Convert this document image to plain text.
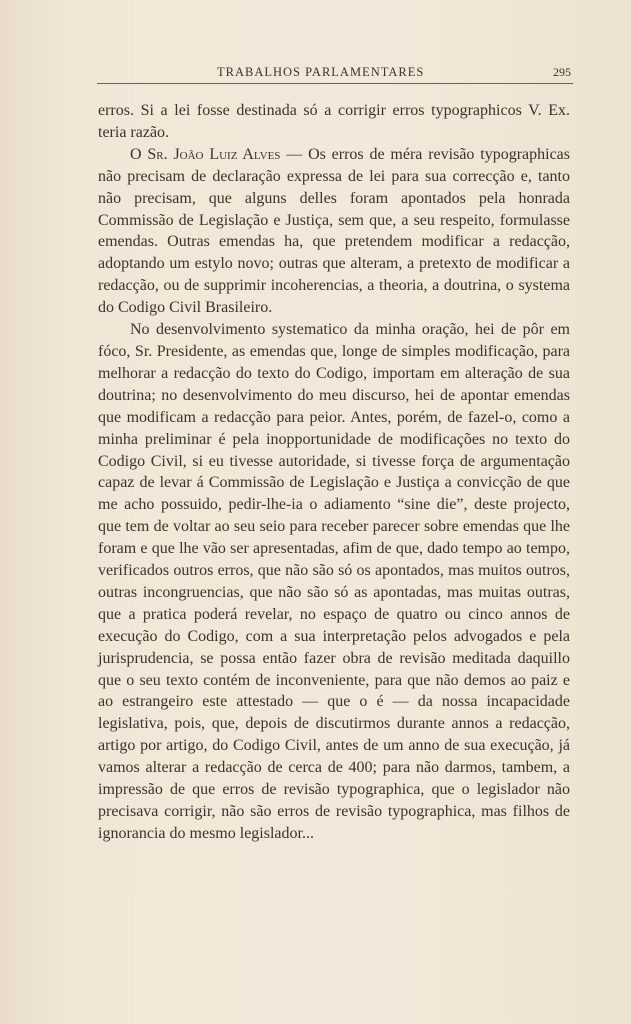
TRABALHOS PARLAMENTARES	295

erros. Si a lei fosse destinada só a corrigir erros typographicos V. Ex. teria razão.

O Sr. João Luiz Alves — Os erros de méra revisão typographicas não precisam de declaração expressa de lei para sua correcção e, tanto não precisam, que alguns delles foram apontados pela honrada Commissão de Legislação e Justiça, sem que, a seu respeito, formulasse emendas. Outras emendas ha, que pretendem modificar a redacção, adoptando um estylo novo; outras que alteram, a pretexto de modificar a redacção, ou de supprimir incoherencias, a theoria, a doutrina, o systema do Codigo Civil Brasileiro.

No desenvolvimento systematico da minha oração, hei de pôr em fóco, Sr. Presidente, as emendas que, longe de simples modificação, para melhorar a redacção do texto do Codigo, importam em alteração de sua doutrina; no desenvolvimento do meu discurso, hei de apontar emendas que modificam a redacção para peior. Antes, porém, de fazel-o, como a minha preliminar é pela inopportunidade de modificações no texto do Codigo Civil, si eu tivesse autoridade, si tivesse força de argumentação capaz de levar á Commissão de Legislação e Justiça a convicção de que me acho possuido, pedir-lhe-ia o adiamento “sine die”, deste projecto, que tem de voltar ao seu seio para receber parecer sobre emendas que lhe foram e que lhe vão ser apresentadas, afim de que, dado tempo ao tempo, verificados outros erros, que não são só os apontados, mas muitos outros, outras incongruencias, que não são só as apontadas, mas muitas outras, que a pratica poderá revelar, no espaço de quatro ou cinco annos de execução do Codigo, com a sua interpretação pelos advogados e pela jurisprudencia, se possa então fazer obra de revisão meditada daquillo que o seu texto contém de inconveniente, para que não demos ao paiz e ao estrangeiro este attestado — que o é — da nossa incapacidade legislativa, pois, que, depois de discutirmos durante annos a redacção, artigo por artigo, do Codigo Civil, antes de um anno de sua execução, já vamos alterar a redacção de cerca de 400; para não darmos, tambem, a impressão de que erros de revisão typographica, que o legislador não precisava corrigir, não são erros de revisão typographica, mas filhos de ignorancia do mesmo legislador...
